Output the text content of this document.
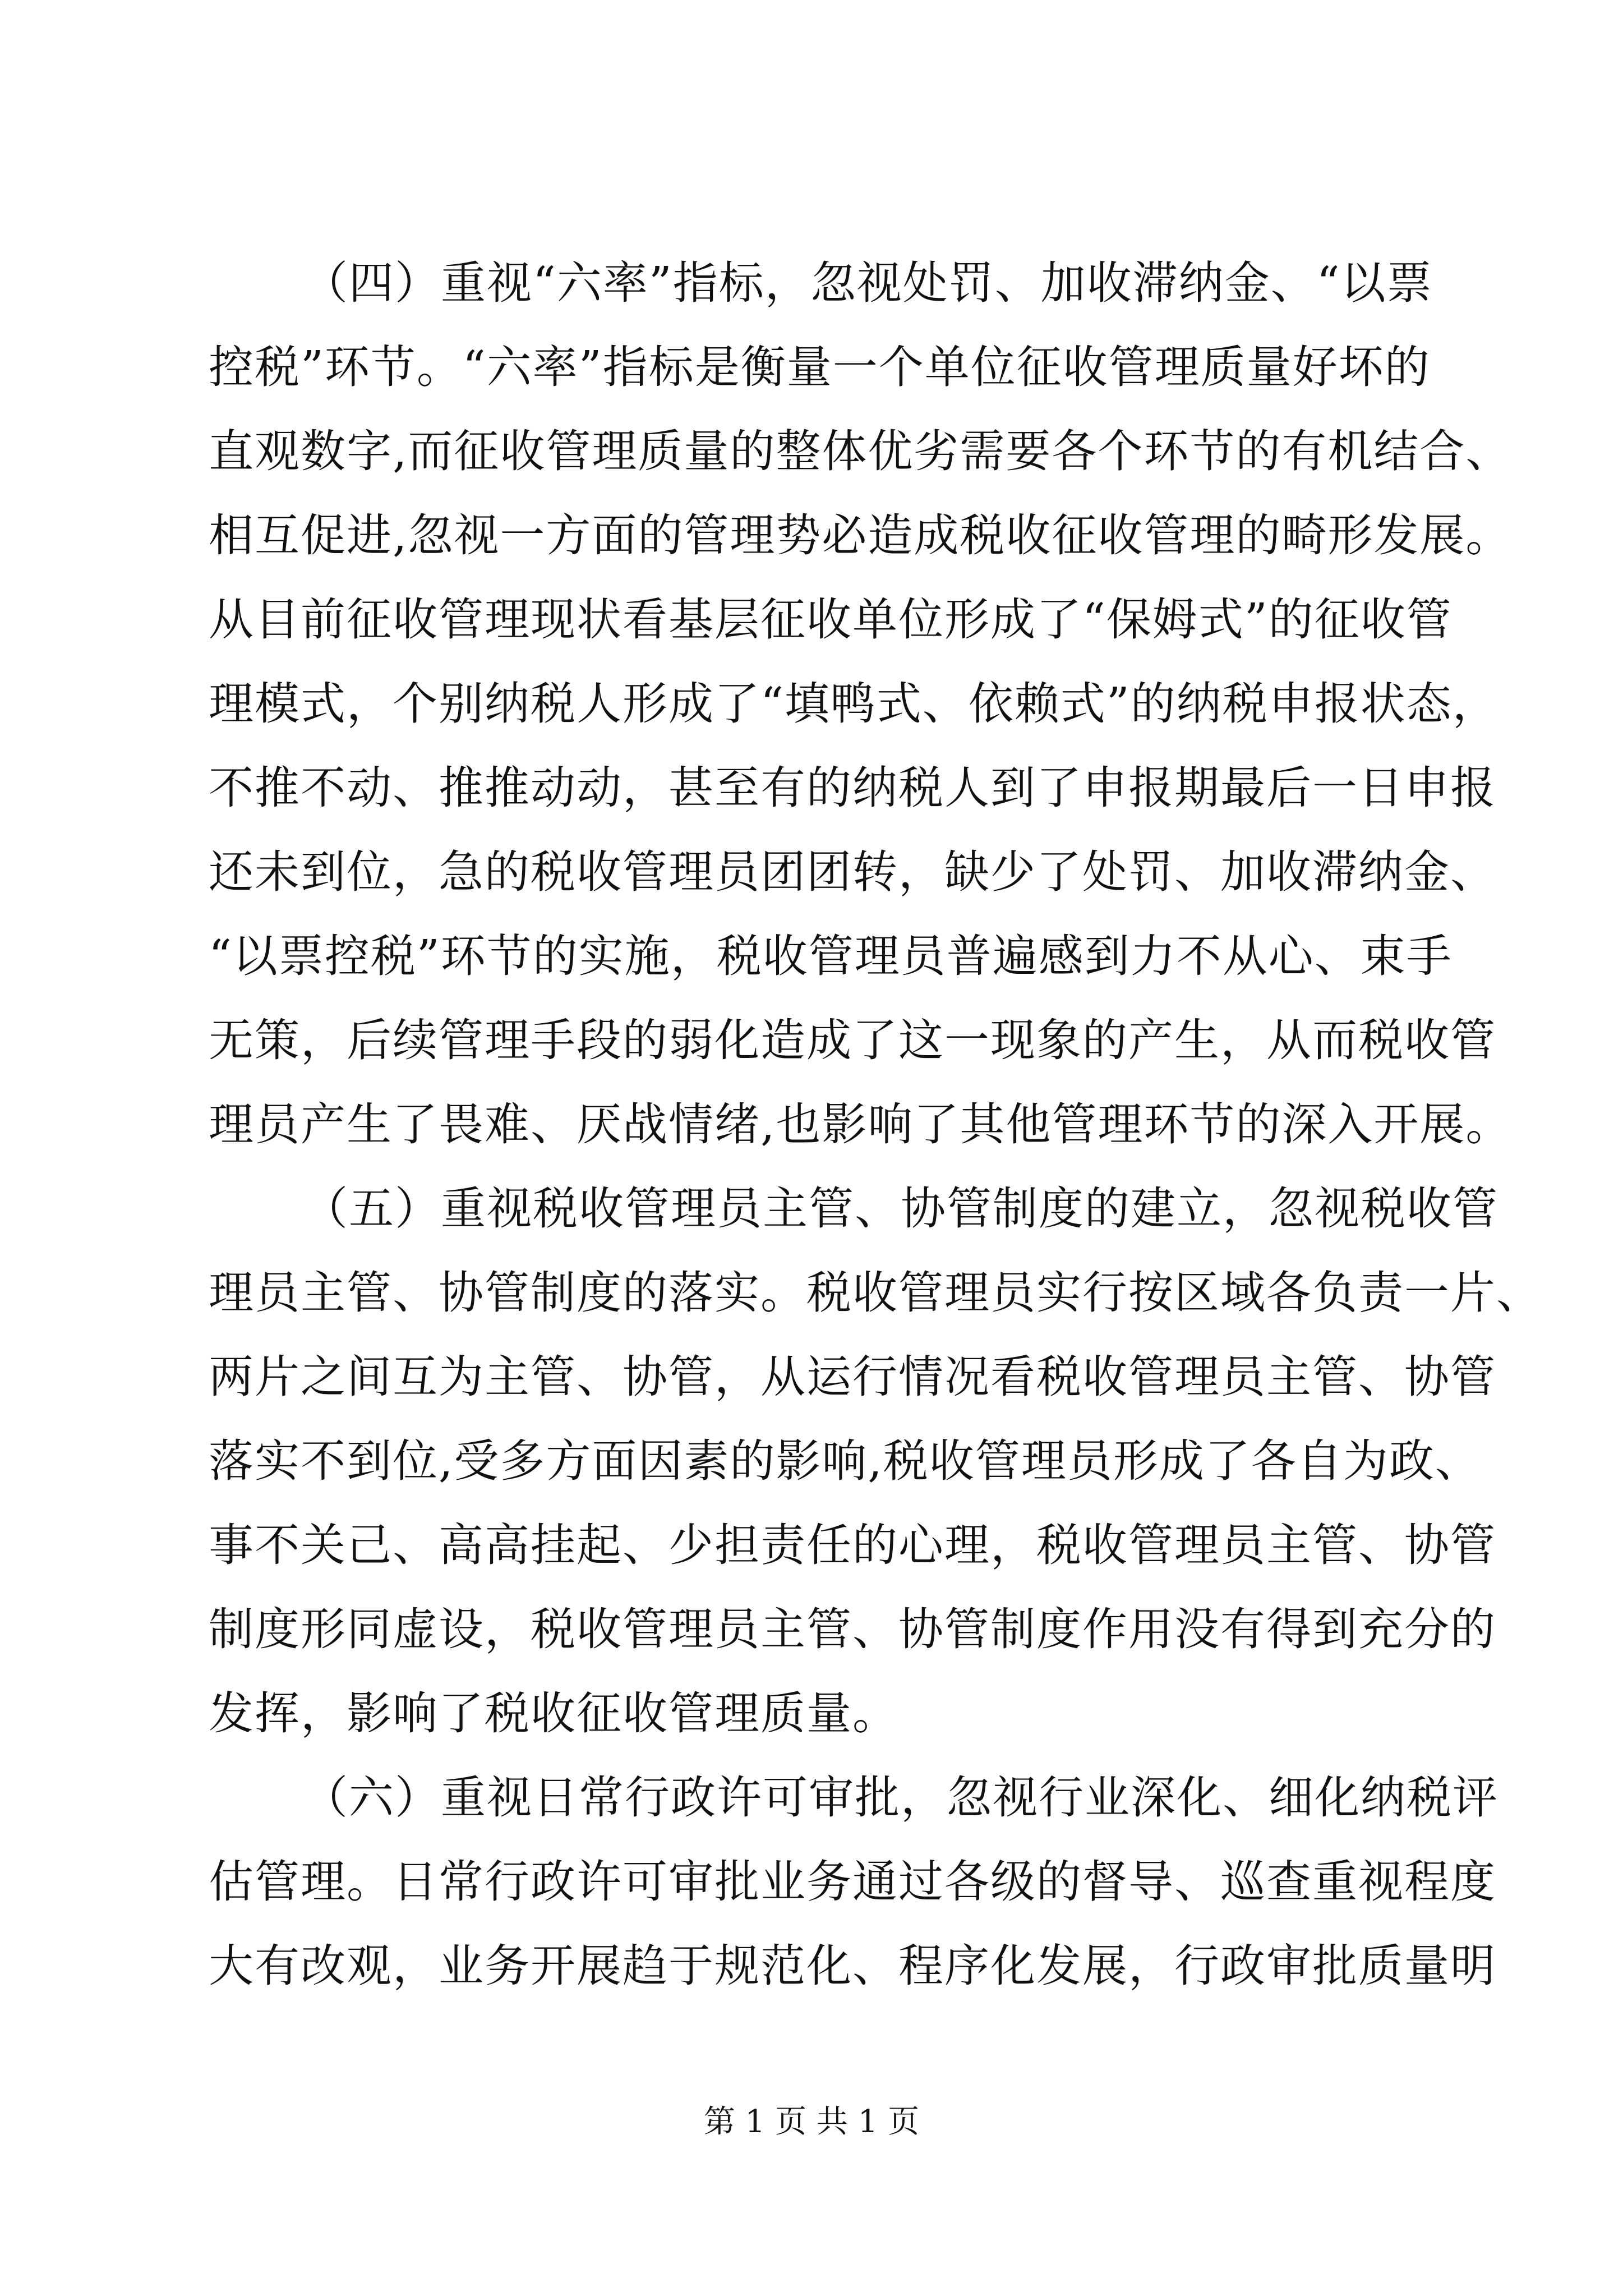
（四）重视“六率”指标，忽视处罚、加收滞纳金、“以票
控税”环节。“六率”指标是衡量一个单位征收管理质量好坏的
直观数字,而征收管理质量的整体优劣需要各个环节的有机结合、
相互促进,忽视一方面的管理势必造成税收征收管理的畸形发展。
从目前征收管理现状看基层征收单位形成了“保姆式”的征收管
理模式，个别纳税人形成了“填鸭式、依赖式”的纳税申报状态，
不推不动、推推动动，甚至有的纳税人到了申报期最后一日申报
还未到位，急的税收管理员团团转，缺少了处罚、加收滞纳金、
“以票控税”环节的实施，税收管理员普遍感到力不从心、束手
无策，后续管理手段的弱化造成了这一现象的产生，从而税收管
理员产生了畏难、厌战情绪,也影响了其他管理环节的深入开展。
（五）重视税收管理员主管、协管制度的建立，忽视税收管
理员主管、协管制度的落实。税收管理员实行按区域各负责一片、
两片之间互为主管、协管，从运行情况看税收管理员主管、协管
落实不到位,受多方面因素的影响,税收管理员形成了各自为政、
事不关己、高高挂起、少担责任的心理，税收管理员主管、协管
制度形同虚设，税收管理员主管、协管制度作用没有得到充分的
发挥，影响了税收征收管理质量。
（六）重视日常行政许可审批，忽视行业深化、细化纳税评
估管理。日常行政许可审批业务通过各级的督导、巡查重视程度
大有改观，业务开展趋于规范化、程序化发展，行政审批质量明
第 1 页 共 1 页
